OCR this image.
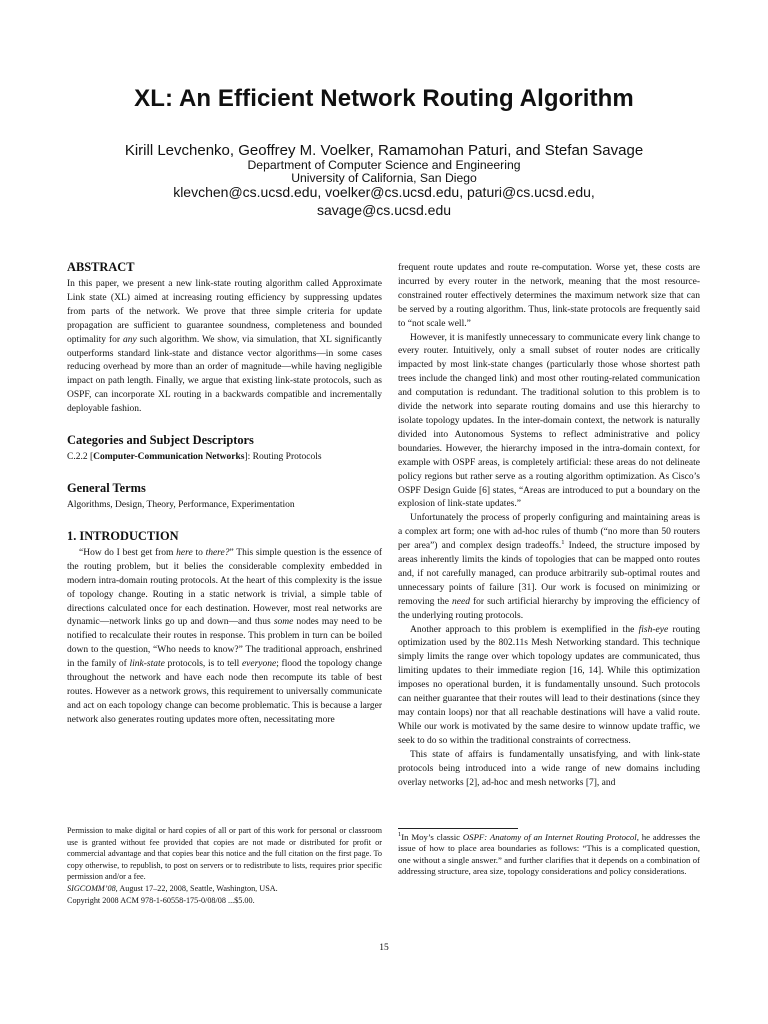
XL: An Efficient Network Routing Algorithm
Kirill Levchenko, Geoffrey M. Voelker, Ramamohan Paturi, and Stefan Savage
Department of Computer Science and Engineering
University of California, San Diego
klevchen@cs.ucsd.edu, voelker@cs.ucsd.edu, paturi@cs.ucsd.edu,
savage@cs.ucsd.edu
ABSTRACT

In this paper, we present a new link-state routing algorithm called Approximate Link state (XL) aimed at increasing routing efficiency by suppressing updates from parts of the network. We prove that three simple criteria for update propagation are sufficient to guarantee soundness, completeness and bounded optimality for any such algorithm. We show, via simulation, that XL significantly outperforms standard link-state and distance vector algorithms—in some cases reducing overhead by more than an order of magnitude—while having negligible impact on path length. Finally, we argue that existing link-state protocols, such as OSPF, can incorporate XL routing in a backwards compatible and incrementally deployable fashion.

Categories and Subject Descriptors

C.2.2 [Computer-Communication Networks]: Routing Protocols

General Terms

Algorithms, Design, Theory, Performance, Experimentation

1. INTRODUCTION

“How do I best get from here to there?” This simple question is the essence of the routing problem, but it belies the considerable complexity embedded in modern intra-domain routing protocols. At the heart of this complexity is the issue of topology change. Routing in a static network is trivial, a simple table of directions calculated once for each destination. However, most real networks are dynamic—network links go up and down—and thus some nodes may need to be notified to recalculate their routes in response. This problem in turn can be boiled down to the question, “Who needs to know?” The traditional approach, enshrined in the family of link-state protocols, is to tell everyone; flood the topology change throughout the network and have each node then recompute its table of best routes. However as a network grows, this requirement to universally communicate and act on each topology change can become problematic. This is because a larger network also generates routing updates more often, necessitating more

Permission to make digital or hard copies of all or part of this work for personal or classroom use is granted without fee provided that copies are not made or distributed for profit or commercial advantage and that copies bear this notice and the full citation on the first page. To copy otherwise, to republish, to post on servers or to redistribute to lists, requires prior specific permission and/or a fee.
SIGCOMM’08, August 17–22, 2008, Seattle, Washington, USA.
Copyright 2008 ACM 978-1-60558-175-0/08/08 ...$5.00.

frequent route updates and route re-computation. Worse yet, these costs are incurred by every router in the network, meaning that the most resource-constrained router effectively determines the maximum network size that can be served by a routing algorithm. Thus, link-state protocols are frequently said to “not scale well.”

However, it is manifestly unnecessary to communicate every link change to every router. Intuitively, only a small subset of router nodes are critically impacted by most link-state changes (particularly those whose shortest path trees include the changed link) and most other routing-related communication and computation is redundant. The traditional solution to this problem is to divide the network into separate routing domains and use this hierarchy to isolate topology updates. In the inter-domain context, the network is naturally divided into Autonomous Systems to reflect administrative and policy boundaries. However, the hierarchy imposed in the intra-domain context, for example with OSPF areas, is completely artificial: these areas do not delineate policy regions but rather serve as a routing algorithm optimization. As Cisco’s OSPF Design Guide [6] states, “Areas are introduced to put a boundary on the explosion of link-state updates.”

Unfortunately the process of properly configuring and maintaining areas is a complex art form; one with ad-hoc rules of thumb (“no more than 50 routers per area”) and complex design tradeoffs.$^1$ Indeed, the structure imposed by areas inherently limits the kinds of topologies that can be mapped onto routes and, if not carefully managed, can produce arbitrarily sub-optimal routes and unnecessary points of failure [31]. Our work is focused on minimizing or removing the need for such artificial hierarchy by improving the efficiency of the underlying routing protocols.

Another approach to this problem is exemplified in the fish-eye routing optimization used by the 802.11s Mesh Networking standard. This technique simply limits the range over which topology updates are communicated, thus limiting updates to their immediate region [16, 14]. While this optimization imposes no operational burden, it is fundamentally unsound. Such protocols can neither guarantee that their routes will lead to their destinations (since they may contain loops) nor that all reachable destinations will have a valid route. While our work is motivated by the same desire to winnow update traffic, we seek to do so within the traditional constraints of correctness.

This state of affairs is fundamentally unsatisfying, and with link-state protocols being introduced into a wide range of new domains including overlay networks [2], ad-hoc and mesh networks [7], and

$^1$In Moy’s classic OSPF: Anatomy of an Internet Routing Protocol, he addresses the issue of how to place area boundaries as follows: “This is a complicated question, one without a single answer.” and further clarifies that it depends on a combination of addressing structure, area size, topology considerations and policy considerations.
15
